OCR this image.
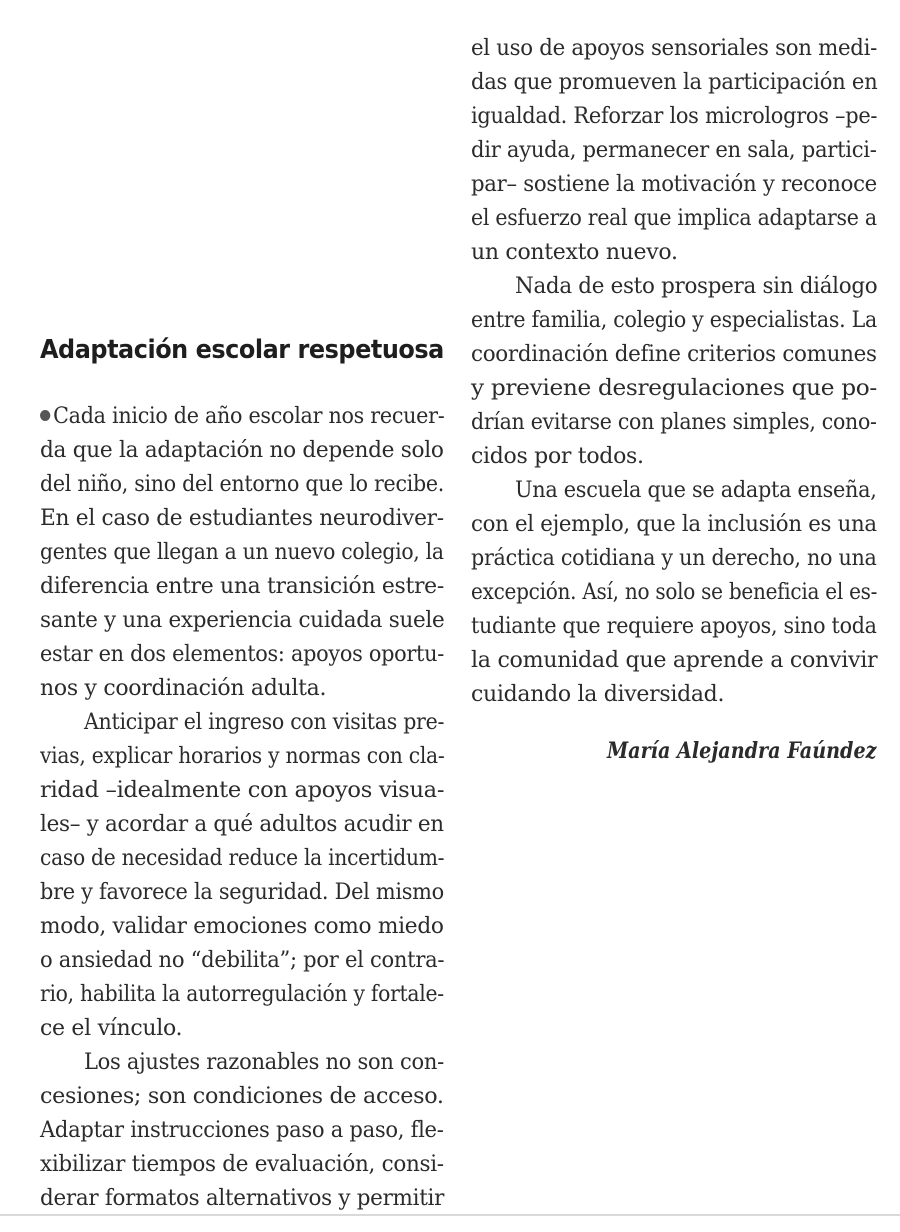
Adaptación escolar respetuosa
Cada inicio de año escolar nos recuer-
da que la adaptación no depende solo
del niño, sino del entorno que lo recibe.
En el caso de estudiantes neurodiver-
gentes que llegan a un nuevo colegio, la
diferencia entre una transición estre-
sante y una experiencia cuidada suele
estar en dos elementos: apoyos oportu-
nos y coordinación adulta.
Anticipar el ingreso con visitas pre-
vias, explicar horarios y normas con cla-
ridad –idealmente con apoyos visua-
les– y acordar a qué adultos acudir en
caso de necesidad reduce la incertidum-
bre y favorece la seguridad. Del mismo
modo, validar emociones como miedo
o ansiedad no “debilita”; por el contra-
rio, habilita la autorregulación y fortale-
ce el vínculo.
Los ajustes razonables no son con-
cesiones; son condiciones de acceso.
Adaptar instrucciones paso a paso, fle-
xibilizar tiempos de evaluación, consi-
derar formatos alternativos y permitir
el uso de apoyos sensoriales son medi-
das que promueven la participación en
igualdad. Reforzar los micrologros –pe-
dir ayuda, permanecer en sala, partici-
par– sostiene la motivación y reconoce
el esfuerzo real que implica adaptarse a
un contexto nuevo.
Nada de esto prospera sin diálogo
entre familia, colegio y especialistas. La
coordinación define criterios comunes
y previene desregulaciones que po-
drían evitarse con planes simples, cono-
cidos por todos.
Una escuela que se adapta enseña,
con el ejemplo, que la inclusión es una
práctica cotidiana y un derecho, no una
excepción. Así, no solo se beneficia el es-
tudiante que requiere apoyos, sino toda
la comunidad que aprende a convivir
cuidando la diversidad.
María Alejandra Faúndez
